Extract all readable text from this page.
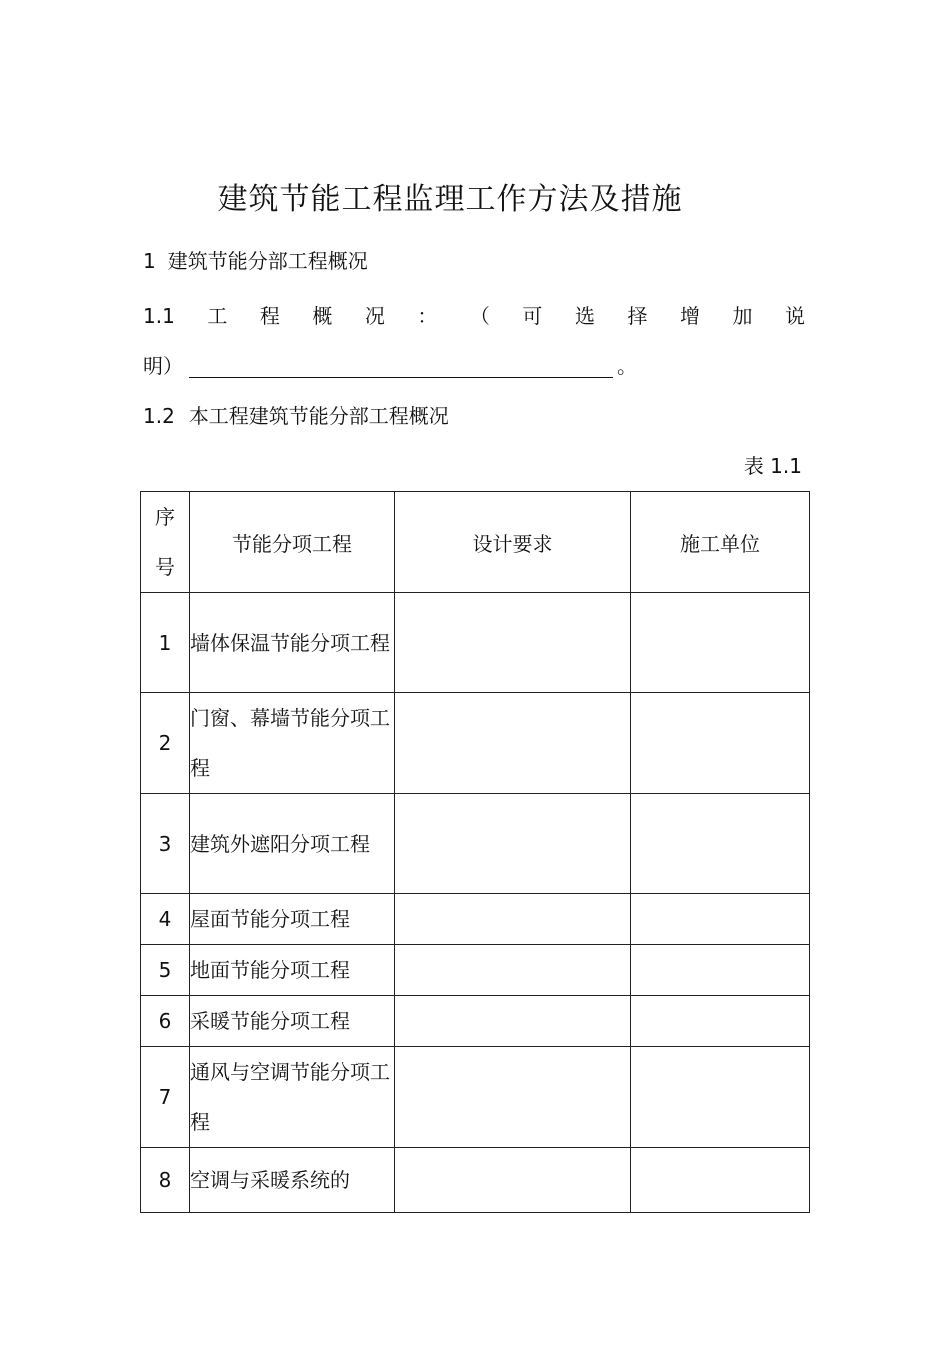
建筑节能工程监理工作方法及措施
1 建筑节能分部工程概况
1.1 工 程 概 况 ： （ 可 选 择 增 加 说
明）	。
1.2 本工程建筑节能分部工程概况
表 1.1
序
号	节能分项工程	设计要求	施工单位
1	墙体保温节能分项工程		
2	门窗、幕墙节能分项工程		
3	建筑外遮阳分项工程		
4	屋面节能分项工程		
5	地面节能分项工程		
6	采暖节能分项工程		
7	通风与空调节能分项工程		
8	空调与采暖系统的		
